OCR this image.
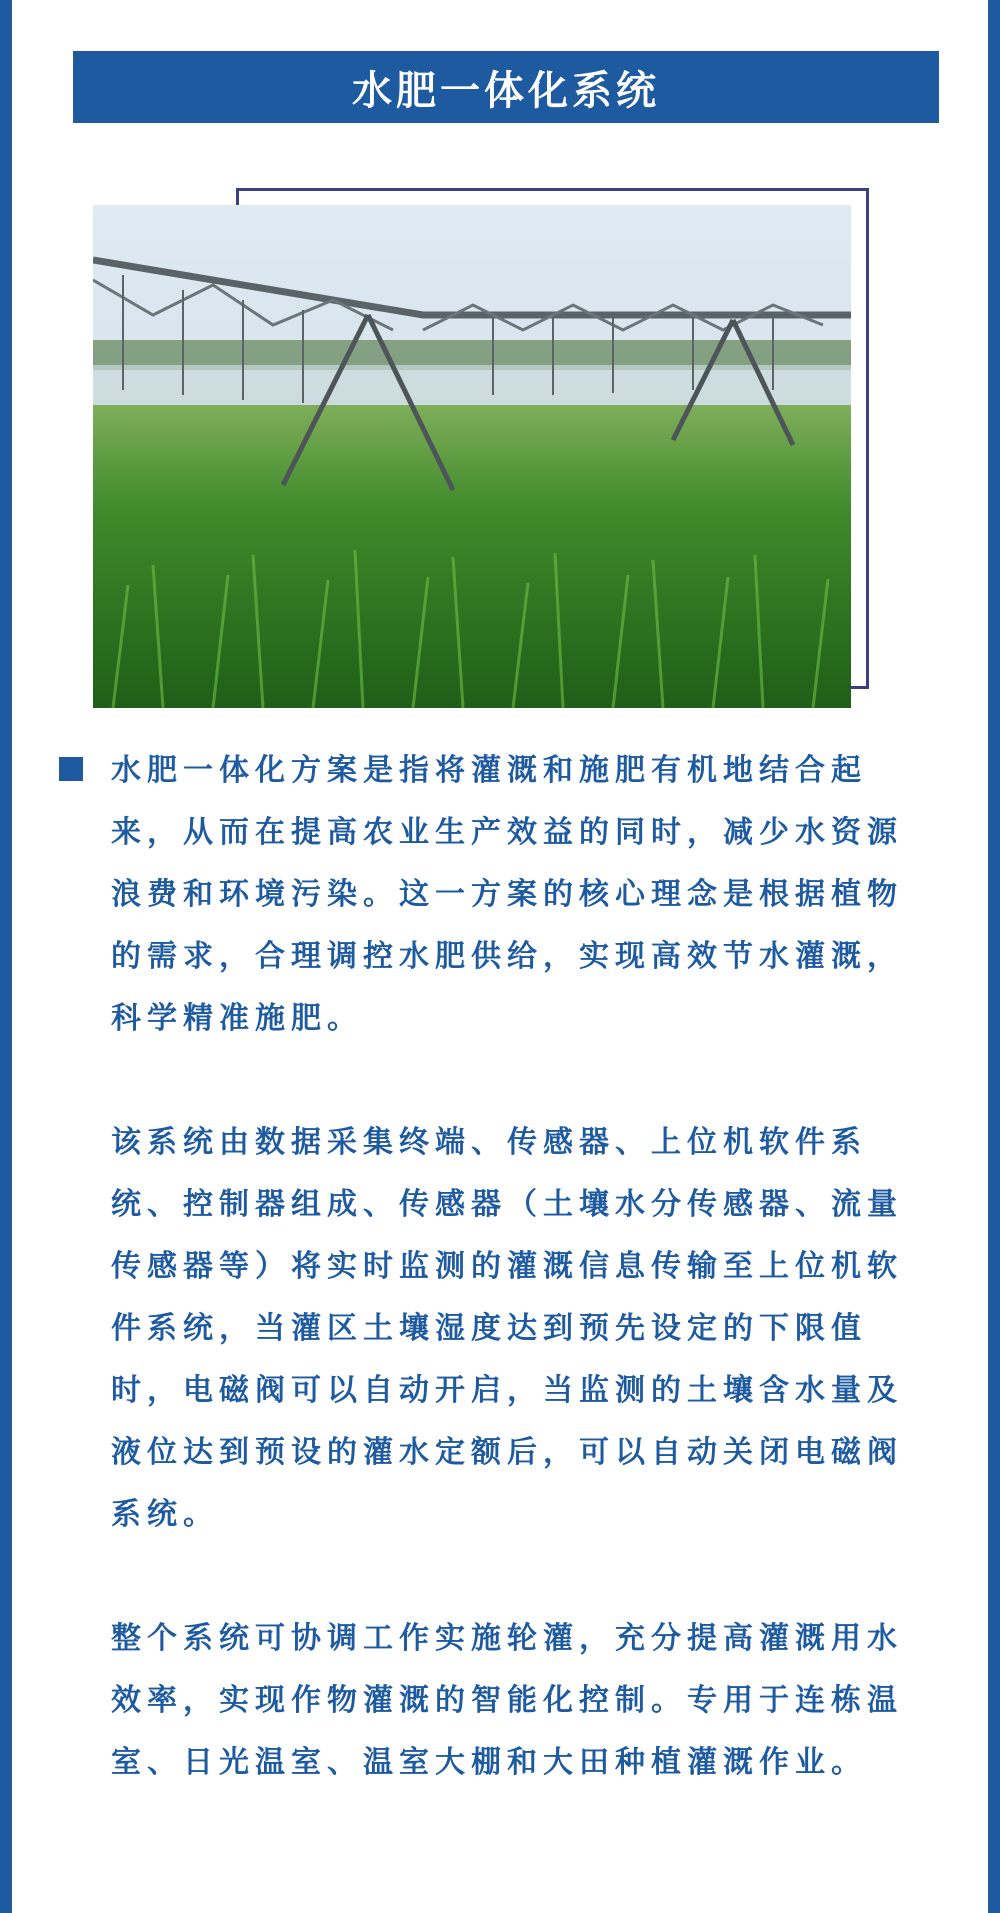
水肥一体化系统

水肥一体化方案是指将灌溉和施肥有机地结合起来，从而在提高农业生产效益的同时，减少水资源浪费和环境污染。这一方案的核心理念是根据植物的需求，合理调控水肥供给，实现高效节水灌溉，科学精准施肥。

该系统由数据采集终端、传感器、上位机软件系统、控制器组成、传感器（土壤水分传感器、流量传感器等）将实时监测的灌溉信息传输至上位机软件系统，当灌区土壤湿度达到预先设定的下限值时，电磁阀可以自动开启，当监测的土壤含水量及液位达到预设的灌水定额后，可以自动关闭电磁阀系统。

整个系统可协调工作实施轮灌，充分提高灌溉用水效率，实现作物灌溉的智能化控制。专用于连栋温室、日光温室、温室大棚和大田种植灌溉作业。
